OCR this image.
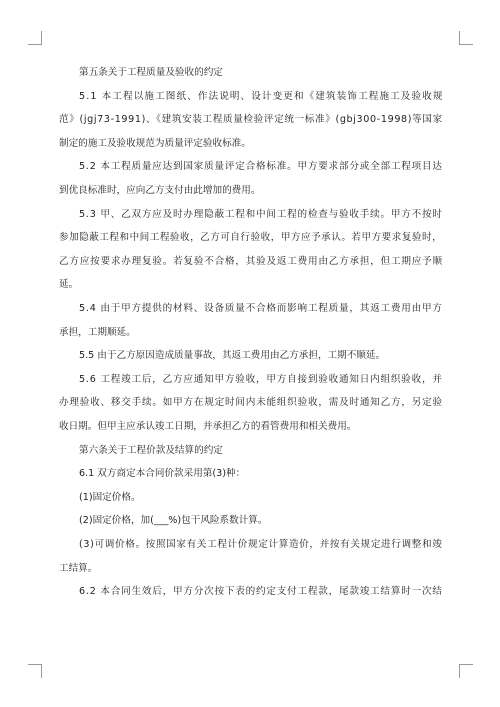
第五条关于工程质量及验收的约定
5.1 本工程以施工图纸、作法说明、设计变更和《建筑装饰工程施工及验收规
范》(jgj73-1991)、《建筑安装工程质量检验评定统一标准》(gbj300-1998)等国家
制定的施工及验收规范为质量评定验收标准。
5.2 本工程质量应达到国家质量评定合格标准。甲方要求部分或全部工程项目达
到优良标准时，应向乙方支付由此增加的费用。
5.3 甲、乙双方应及时办理隐蔽工程和中间工程的检查与验收手续。甲方不按时
参加隐蔽工程和中间工程验收，乙方可自行验收，甲方应予承认。若甲方要求复验时，
乙方应按要求办理复验。若复验不合格，其验及返工费用由乙方承担，但工期应予顺
延。
5.4 由于甲方提供的材料、设备质量不合格而影响工程质量，其返工费用由甲方
承担，工期顺延。
5.5 由于乙方原因造成质量事故，其返工费用由乙方承担，工期不顺延。
5.6 工程竣工后，乙方应通知甲方验收，甲方自接到验收通知日内组织验收，并
办理验收、移交手续。如甲方在规定时间内未能组织验收，需及时通知乙方，另定验
收日期。但甲主应承认竣工日期，并承担乙方的看管费用和相关费用。
第六条关于工程价款及结算的约定
6.1 双方商定本合同价款采用第(3)种：
(1)固定价格。
(2)固定价格，加(___%)包干风险系数计算。
(3)可调价格。按照国家有关工程计价规定计算造价，并按有关规定进行调整和竣
工结算。
6.2 本合同生效后，甲方分次按下表的约定支付工程款，尾款竣工结算时一次结
